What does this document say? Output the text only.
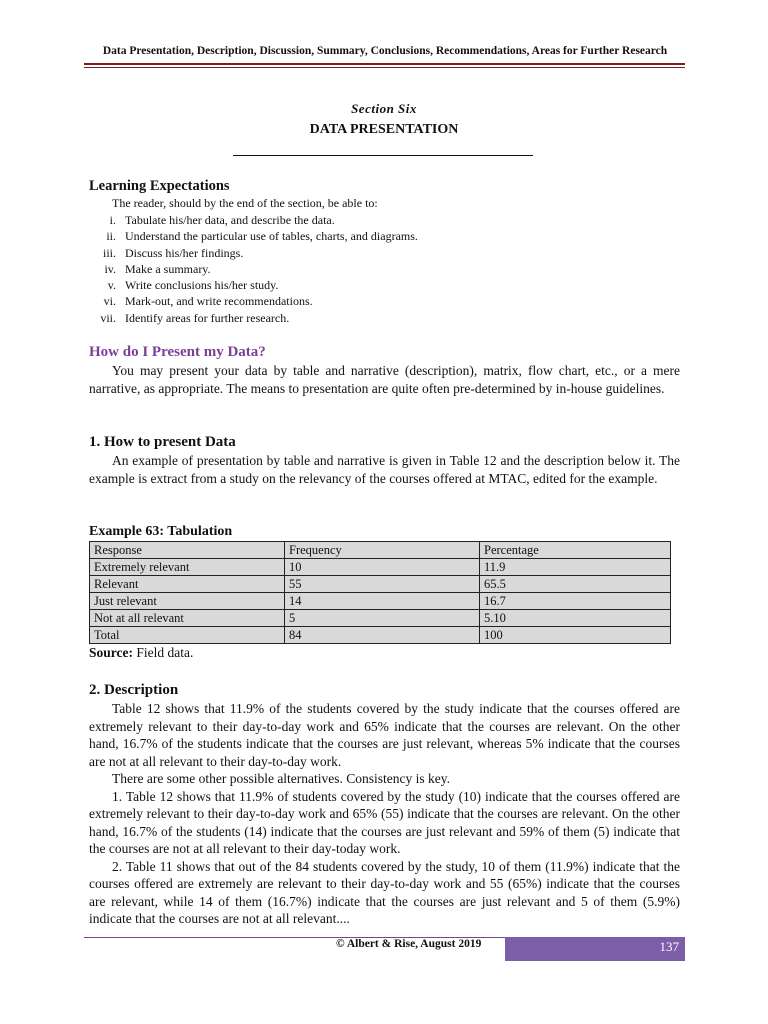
Data Presentation, Description, Discussion, Summary, Conclusions, Recommendations, Areas for Further Research
Section Six
DATA PRESENTATION
Learning Expectations
The reader, should by the end of the section, be able to:
i. Tabulate his/her data, and describe the data.
ii. Understand the particular use of tables, charts, and diagrams.
iii. Discuss his/her findings.
iv. Make a summary.
v. Write conclusions his/her study.
vi. Mark-out, and write recommendations.
vii. Identify areas for further research.
How do I Present my Data?

You may present your data by table and narrative (description), matrix, flow chart, etc., or a mere narrative, as appropriate. The means to presentation are quite often pre-determined by in-house guidelines.

1. How to present Data

An example of presentation by table and narrative is given in Table 12 and the description below it. The example is extract from a study on the relevancy of the courses offered at MTAC, edited for the example.

Example 63: Tabulation
Response	Frequency	Percentage
Extremely relevant	10	11.9
Relevant	55	65.5
Just relevant	14	16.7
Not at all relevant	5	5.10
Total	84	100
Source: Field data.
2. Description

Table 12 shows that 11.9% of the students covered by the study indicate that the courses offered are extremely relevant to their day-to-day work and 65% indicate that the courses are relevant. On the other hand, 16.7% of the students indicate that the courses are just relevant, whereas 5% indicate that the courses are not at all relevant to their day-to-day work.

There are some other possible alternatives. Consistency is key.

1. Table 12 shows that 11.9% of students covered by the study (10) indicate that the courses offered are extremely relevant to their day-to-day work and 65% (55) indicate that the courses are relevant. On the other hand, 16.7% of the students (14) indicate that the courses are just relevant and 59% of them (5) indicate that the courses are not at all relevant to their day-today work.

2. Table 11 shows that out of the 84 students covered by the study, 10 of them (11.9%) indicate that the courses offered are extremely are relevant to their day-to-day work and 55 (65%) indicate that the courses are relevant, while 14 of them (16.7%) indicate that the courses are just relevant and 5 of them (5.9%) indicate that the courses are not at all relevant....

© Albert & Rise, August 2019	137
